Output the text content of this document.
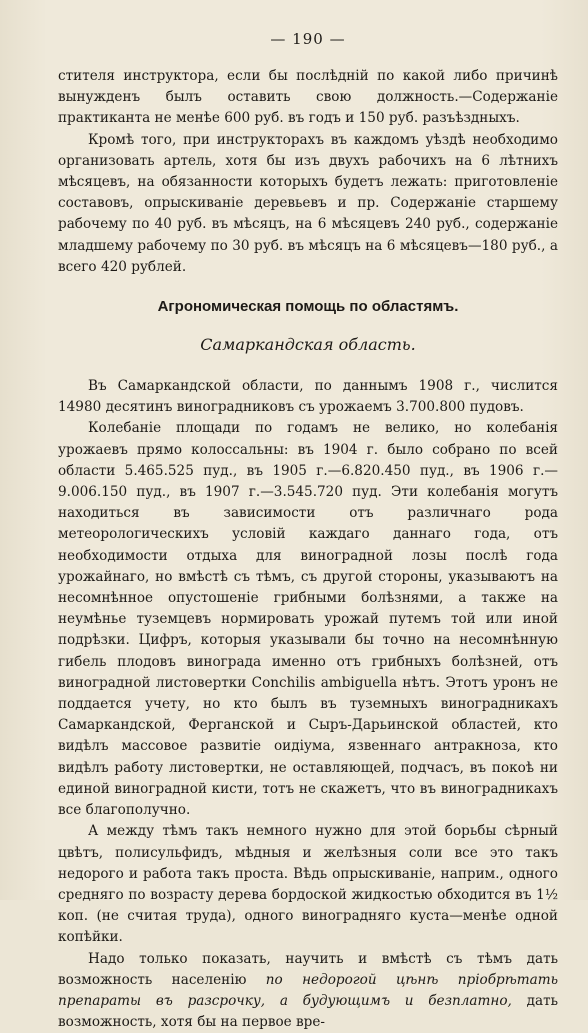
— 190 —

стителя инструктора, если бы послѣднiй по какой либо причинѣ вынужденъ былъ оставить свою должность.—Содержанiе практиканта не менѣе 600 руб. въ годъ и 150 руб. разъѣздныхъ.

Кромѣ того, при инструкторахъ въ каждомъ уѣздѣ необходимо организовать артель, хотя бы изъ двухъ рабочихъ на 6 лѣтнихъ мѣсяцевъ, на обязанности которыхъ будетъ лежать: приготовленiе составовъ, опрыскиванiе деревьевъ и пр. Содержанiе старшему рабочему по 40 руб. въ мѣсяцъ, на 6 мѣсяцевъ 240 руб., содержанiе младшему рабочему по 30 руб. въ мѣсяцъ на 6 мѣсяцевъ—180 руб., а всего 420 рублей.

Агрономическая помощь по областямъ.
Самаркандская область.

Въ Самаркандской области, по даннымъ 1908 г., числится 14980 десятинъ виноградниковъ съ урожаемъ 3.700.800 пудовъ.

Колебанiе площади по годамъ не велико, но колебанiя урожаевъ прямо колоссальны: въ 1904 г. было собрано по всей области 5.465.525 пуд., въ 1905 г.—6.820.450 пуд., въ 1906 г.—9.006.150 пуд., въ 1907 г.—3.545.720 пуд. Эти колебанiя могутъ находиться въ зависимости отъ различнаго рода метеорологическихъ условiй каждаго даннаго года, отъ необходимости отдыха для виноградной лозы послѣ года урожайнаго, но вмѣстѣ съ тѣмъ, съ другой стороны, указываютъ на несомнѣнное опустошенiе грибными болѣзнями, а также на неумѣнье туземцевъ нормировать урожай путемъ той или иной подрѣзки. Цифръ, которыя указывали бы точно на несомнѣнную гибель плодовъ винограда именно отъ грибныхъ болѣзней, отъ виноградной листовертки Conchilis ambiguella нѣтъ. Этотъ уронъ не поддается учету, но кто былъ въ туземныхъ виноградникахъ Самаркандской, Ферганской и Сыръ-Дарьинской областей, кто видѣлъ массовое развитiе оидiума, язвеннаго антракноза, кто видѣлъ работу листовертки, не оставляющей, подчасъ, въ покоѣ ни единой виноградной кисти, тотъ не скажетъ, что въ виноградникахъ все благополучно.

А между тѣмъ такъ немного нужно для этой борьбы сѣрный цвѣтъ, полисульфидъ, мѣдныя и желѣзныя соли все это такъ недорого и работа такъ проста. Вѣдь опрыскиванiе, наприм., одного средняго по возрасту дерева бордоской жидкостью обходится въ 1½ коп. (не считая труда), одного виноградняго куста—менѣе одной копѣйки.

Надо только показать, научить и вмѣстѣ съ тѣмъ дать возможность населенiю по недорогой цѣнѣ прiобрѣтать препараты въ разсрочку, а будующимъ и безплатно, дать возможность, хотя бы на первое вре-
